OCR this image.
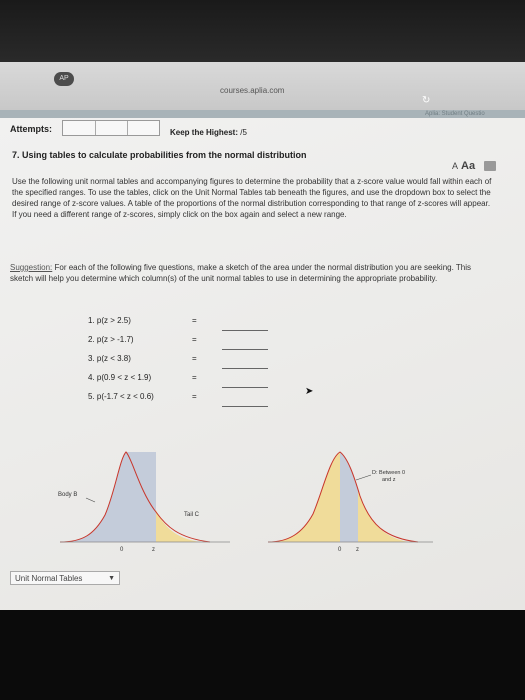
AP
courses.aplia.com
↻
Aplia: Student Questio
Attempts:	Keep the Highest: /5
7. Using tables to calculate probabilities from the normal distribution
A Aa
Use the following unit normal tables and accompanying figures to determine the probability that a z-score value would fall within each of the specified ranges. To use the tables, click on the Unit Normal Tables tab beneath the figures, and use the dropdown box to select the desired range of z-score values. A table of the proportions of the normal distribution corresponding to that range of z-scores will appear. If you need a different range of z-scores, simply click on the box again and select a new range.
Suggestion: For each of the following five questions, make a sketch of the area under the normal distribution you are seeking. This sketch will help you determine which column(s) of the unit normal tables to use in determining the appropriate probability.
1. p(z > 2.5)	=
2. p(z > -1.7)	=
3. p(z < 3.8)	=
4. p(0.9 < z < 1.9)	=
5. p(-1.7 < z < 0.6)	=	➤
Body B
Tail C
0	z
D: Between 0
and z
0 z
Unit Normal Tables	▼
